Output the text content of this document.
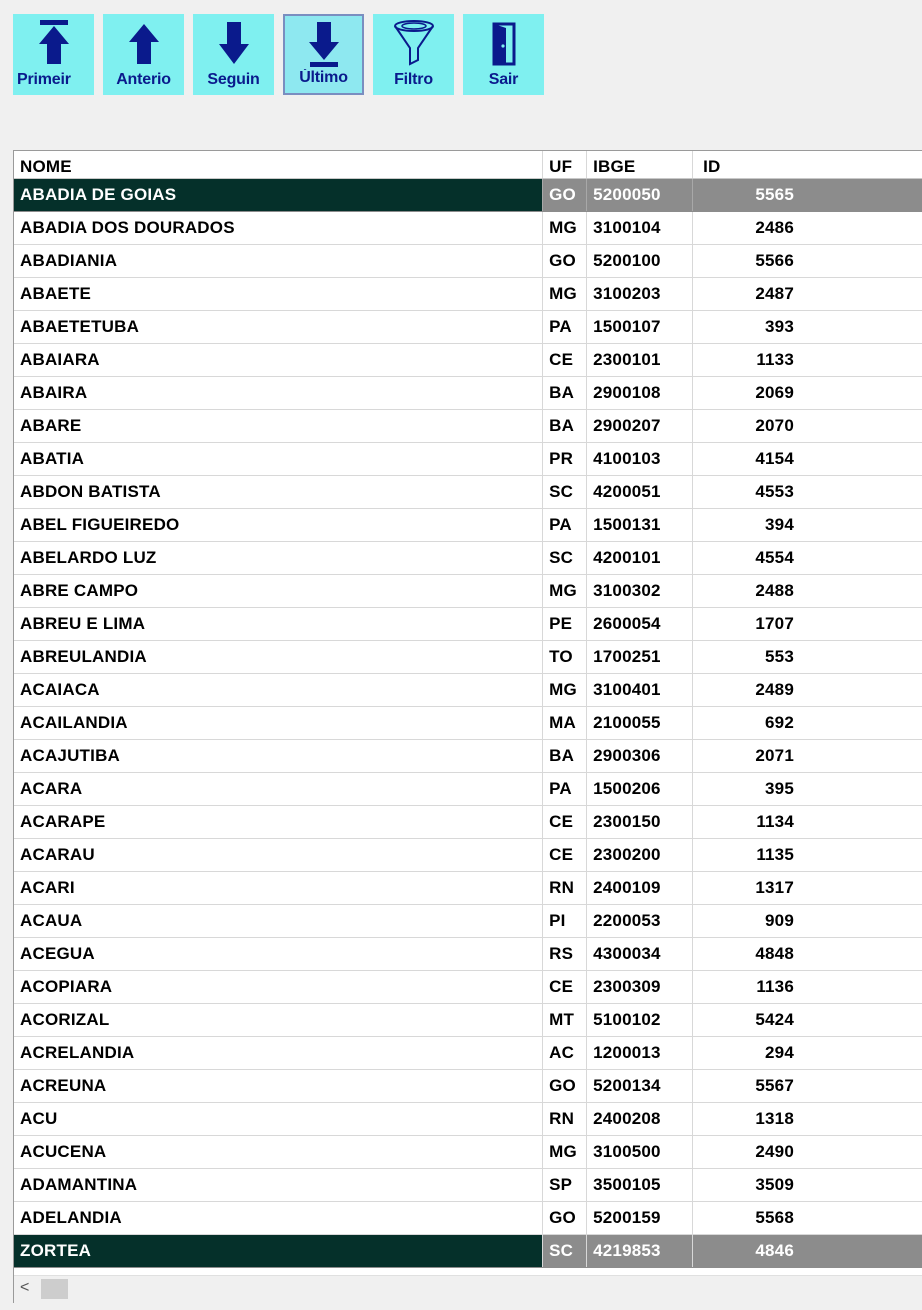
Primeir	Anterio	Seguin	Último	Filtro	Sair
NOME	UF	IBGE	ID
ABADIA DE GOIAS	GO	5200050	5565
ABADIA DOS DOURADOS	MG	3100104	2486
ABADIANIA	GO	5200100	5566
ABAETE	MG	3100203	2487
ABAETETUBA	PA	1500107	393
ABAIARA	CE	2300101	1133
ABAIRA	BA	2900108	2069
ABARE	BA	2900207	2070
ABATIA	PR	4100103	4154
ABDON BATISTA	SC	4200051	4553
ABEL FIGUEIREDO	PA	1500131	394
ABELARDO LUZ	SC	4200101	4554
ABRE CAMPO	MG	3100302	2488
ABREU E LIMA	PE	2600054	1707
ABREULANDIA	TO	1700251	553
ACAIACA	MG	3100401	2489
ACAILANDIA	MA	2100055	692
ACAJUTIBA	BA	2900306	2071
ACARA	PA	1500206	395
ACARAPE	CE	2300150	1134
ACARAU	CE	2300200	1135
ACARI	RN	2400109	1317
ACAUA	PI	2200053	909
ACEGUA	RS	4300034	4848
ACOPIARA	CE	2300309	1136
ACORIZAL	MT	5100102	5424
ACRELANDIA	AC	1200013	294
ACREUNA	GO	5200134	5567
ACU	RN	2400208	1318
ACUCENA	MG	3100500	2490
ADAMANTINA	SP	3500105	3509
ADELANDIA	GO	5200159	5568
ZORTEA	SC	4219853	4846
<
